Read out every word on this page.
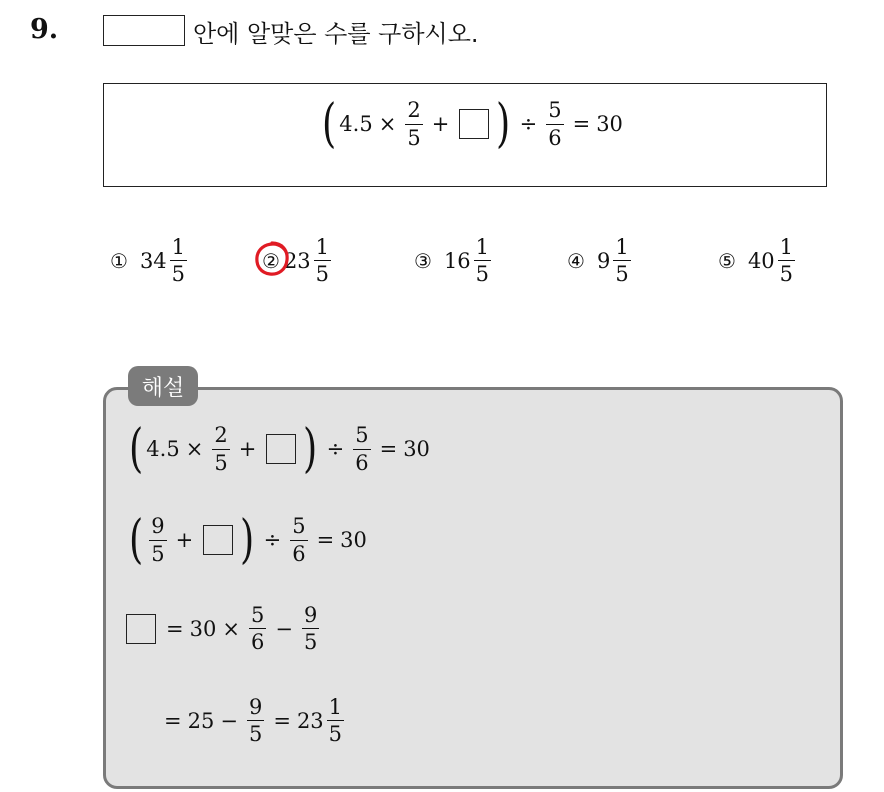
9.	안에 알맞은 수를 구하시오.
( $4.5 \times \frac{2}{5}$ + ) ÷ $\frac{5}{6} = 30$
① $34 \frac{1}{5}$	② $23 \frac{1}{5}$	③ $16 \frac{1}{5}$	④ $9 \frac{1}{5}$	⑤ $40 \frac{1}{5}$
( $4.5 \times \frac{2}{5}$ + ) ÷ $\frac{5}{6} = 30$
( $\frac{9}{5}$ + ) ÷ $\frac{5}{6} = 30$
= $30 \times \frac{5}{6} - \frac{9}{5}$
= $25 - \frac{9}{5} = 23 \frac{1}{5}$
해설
